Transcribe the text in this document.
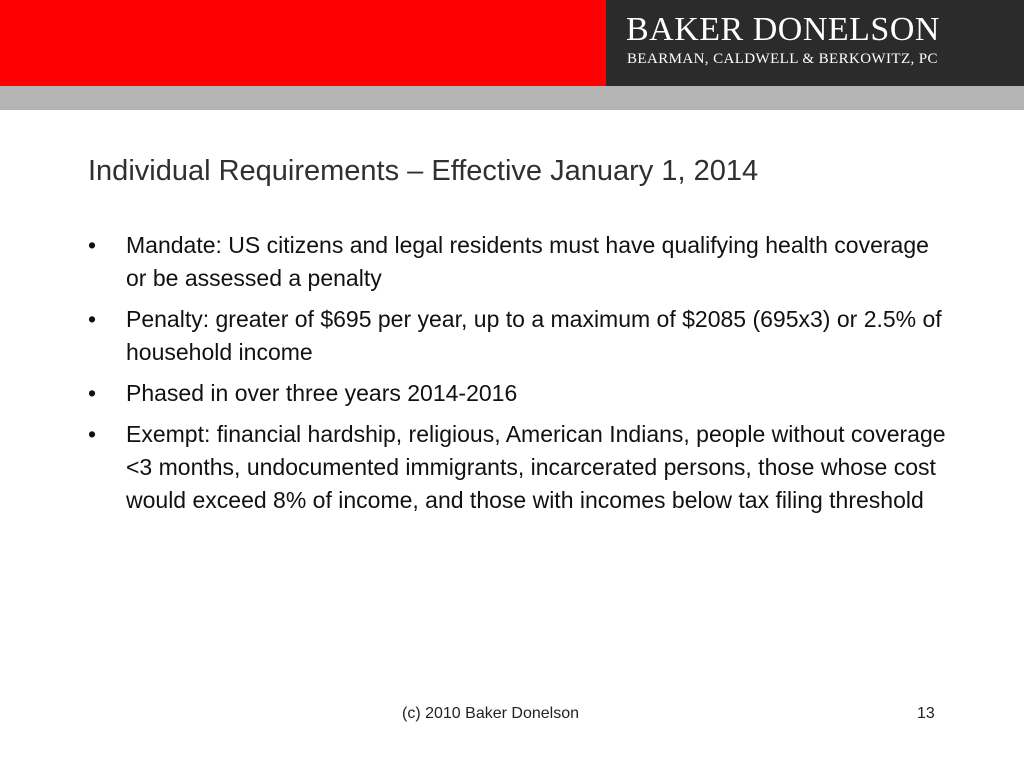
BAKER DONELSON
BEARMAN, CALDWELL & BERKOWITZ, PC
Individual Requirements – Effective January 1, 2014
• Mandate: US citizens and legal residents must have qualifying health coverage or be assessed a penalty
• Penalty: greater of $695 per year, up to a maximum of $2085 (695x3) or 2.5% of household income
• Phased in over three years 2014-2016
• Exempt: financial hardship, religious, American Indians, people without coverage <3 months, undocumented immigrants, incarcerated persons, those whose cost would exceed 8% of income, and those with incomes below tax filing threshold
(c) 2010 Baker Donelson	13
